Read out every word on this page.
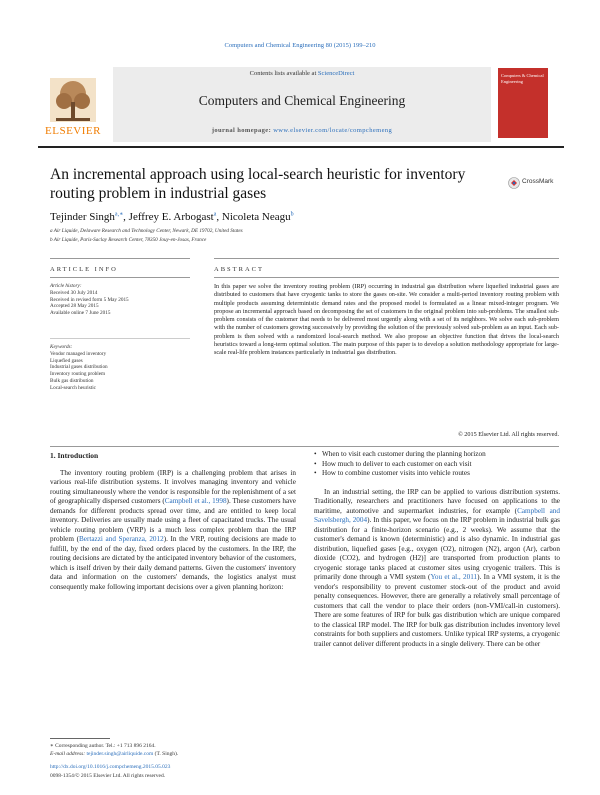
Computers and Chemical Engineering 80 (2015) 199–210
ELSEVIER
Contents lists available at ScienceDirect
Computers and Chemical Engineering
journal homepage: www.elsevier.com/locate/compchemeng
Computers & Chemical Engineering
An incremental approach using local-search heuristic for inventory routing problem in industrial gases
CrossMark
Tejinder Singh$^{a,∗}$, Jeffrey E. Arbogast$^a$, Nicoleta Neagu$^b$
a Air Liquide, Delaware Research and Technology Center, Newark, DE 19702, United States
b Air Liquide, Paris-Saclay Research Center, 78350 Jouy-en-Josas, France
ARTICLE INFO	ABSTRACT
Article history:
Received 30 July 2014
Received in revised form 5 May 2015
Accepted 28 May 2015
Available online 7 June 2015
Keywords:
Vendor managed inventory
Liquefied gases
Industrial gases distribution
Inventory routing problem
Bulk gas distribution
Local-search heuristic
In this paper we solve the inventory routing problem (IRP) occurring in industrial gas distribution where liquefied industrial gases are distributed to customers that have cryogenic tanks to store the gases on-site. We consider a multi-period inventory routing problem with multiple products assuming deterministic demand rates and the proposed model is formulated as a linear mixed-integer program. We propose an incremental approach based on decomposing the set of customers in the original problem into sub-problems. The smallest sub-problem consists of the customer that needs to be delivered most urgently along with a set of its neighbors. We solve each sub-problem with the number of customers growing successively by providing the solution of the previously solved sub-problem as an input. Each sub-problem is then solved with a randomized local-search method. We also propose an objective function that drives the local-search heuristics toward a long-term optimal solution. The main purpose of this paper is to develop a solution methodology appropriate for large-scale real-life problem instances particularly in industrial gas distribution.
© 2015 Elsevier Ltd. All rights reserved.
1. Introduction
The inventory routing problem (IRP) is a challenging problem that arises in various real-life distribution systems. It involves managing inventory and vehicle routing simultaneously where the vendor is responsible for the replenishment of a set of geographically dispersed customers (Campbell et al., 1998). These customers have demands for different products spread over time, and are entitled to keep local inventory. Deliveries are usually made using a fleet of capacitated trucks. The usual vehicle routing problem (VRP) is a much less complex problem than the IRP problem (Bertazzi and Speranza, 2012). In the VRP, routing decisions are made to fulfill, by the end of the day, fixed orders placed by the customers. In the IRP, the routing decisions are dictated by the anticipated inventory behavior of the customers, which is itself driven by their daily demand patterns. Given the customers' inventory data and information on the customers' demands, the logistics analyst must consequently make following important decisions over a given planning horizon:
∗ Corresponding author. Tel.: +1 713 896 2164.
E-mail address: tejinder.singh@airliquide.com (T. Singh).
http://dx.doi.org/10.1016/j.compchemeng.2015.05.023
0098-1354/© 2015 Elsevier Ltd. All rights reserved.
• When to visit each customer during the planning horizon
• How much to deliver to each customer on each visit
• How to combine customer visits into vehicle routes
In an industrial setting, the IRP can be applied to various distribution systems. Traditionally, researchers and practitioners have focused on applications to the maritime, automotive and supermarket industries, for example (Campbell and Savelsbergh, 2004). In this paper, we focus on the IRP problem in industrial bulk gas distribution for a finite-horizon scenario (e.g., 2 weeks). We assume that the customer's demand is known (deterministic) and is also dynamic. In industrial gas distribution, liquefied gases [e.g., oxygen (O2), nitrogen (N2), argon (Ar), carbon dioxide (CO2), and hydrogen (H2)] are transported from production plants to cryogenic storage tanks placed at customer sites using cryogenic trailers. This is primarily done through a VMI system (You et al., 2011). In a VMI system, it is the vendor's responsibility to prevent customer stock-out of the product and avoid penalty consequences. However, there are generally a relatively small percentage of customers that call the vendor to place their orders (non-VMI/call-in customers). There are some features of IRP for bulk gas distribution which are unique compared to the classical IRP model. The IRP for bulk gas distribution includes inventory level constraints for both suppliers and customers. Unlike typical IRP systems, a cryogenic trailer cannot deliver different products in a single delivery. There can be other
